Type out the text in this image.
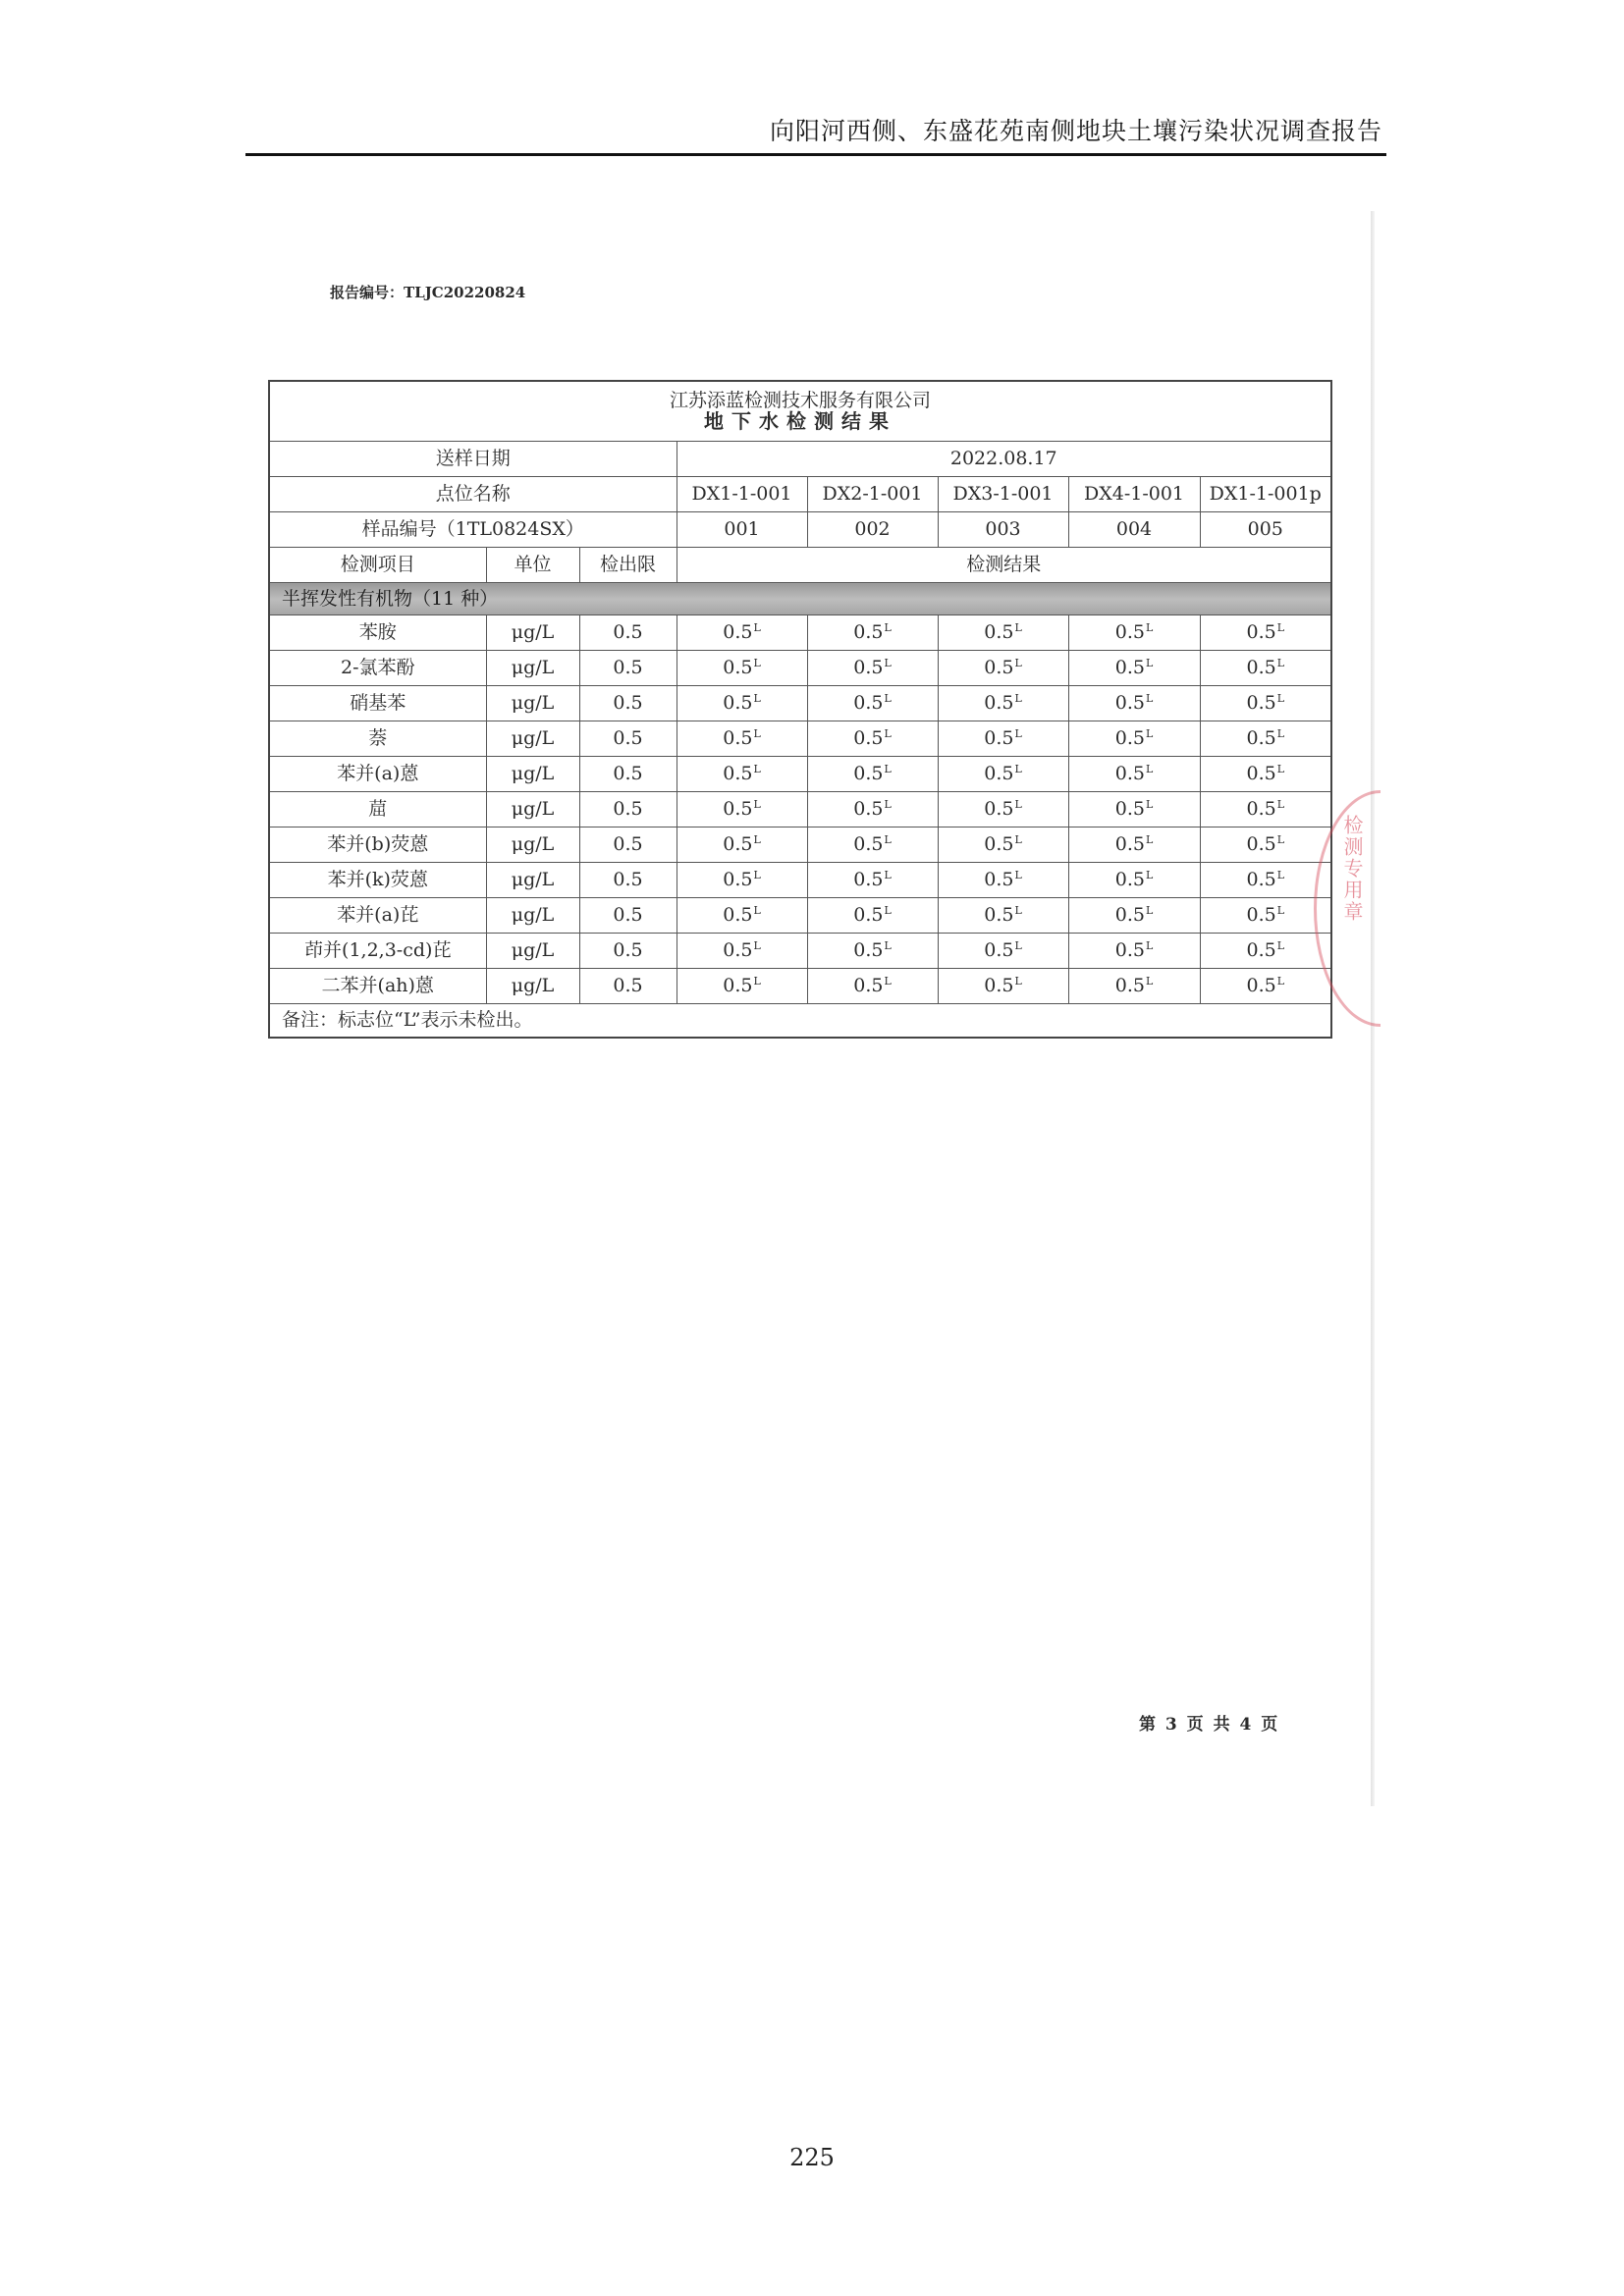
向阳河西侧、东盛花苑南侧地块土壤污染状况调查报告
报告编号：TLJC20220824
江苏添蓝检测技术服务有限公司
地下水检测结果							

送样日期			2022.08.17				
点位名称			DX1-1-001	DX2-1-001	DX3-1-001	DX4-1-001	DX1-1-001p
样品编号（1TL0824SX）			001	002	003	004	005
检测项目	单位	检出限	检测结果				
半挥发性有机物（11 种）							
苯胺	μg/L	0.5	$0.5^L$	$0.5^L$	$0.5^L$	$0.5^L$	$0.5^L$
2-氯苯酚	μg/L	0.5	$0.5^L$	$0.5^L$	$0.5^L$	$0.5^L$	$0.5^L$
硝基苯	μg/L	0.5	$0.5^L$	$0.5^L$	$0.5^L$	$0.5^L$	$0.5^L$
萘	μg/L	0.5	$0.5^L$	$0.5^L$	$0.5^L$	$0.5^L$	$0.5^L$
苯并(a)蒽	μg/L	0.5	$0.5^L$	$0.5^L$	$0.5^L$	$0.5^L$	$0.5^L$
䓛	μg/L	0.5	$0.5^L$	$0.5^L$	$0.5^L$	$0.5^L$	$0.5^L$
苯并(b)荧蒽	μg/L	0.5	$0.5^L$	$0.5^L$	$0.5^L$	$0.5^L$	$0.5^L$
苯并(k)荧蒽	μg/L	0.5	$0.5^L$	$0.5^L$	$0.5^L$	$0.5^L$	$0.5^L$
苯并(a)芘	μg/L	0.5	$0.5^L$	$0.5^L$	$0.5^L$	$0.5^L$	$0.5^L$
茚并(1,2,3-cd)芘	μg/L	0.5	$0.5^L$	$0.5^L$	$0.5^L$	$0.5^L$	$0.5^L$
二苯并(ah)蒽	μg/L	0.5	$0.5^L$	$0.5^L$	$0.5^L$	$0.5^L$	$0.5^L$
备注：标志位“L”表示未检出。							
检测专用章
第 3 页 共 4 页
225
